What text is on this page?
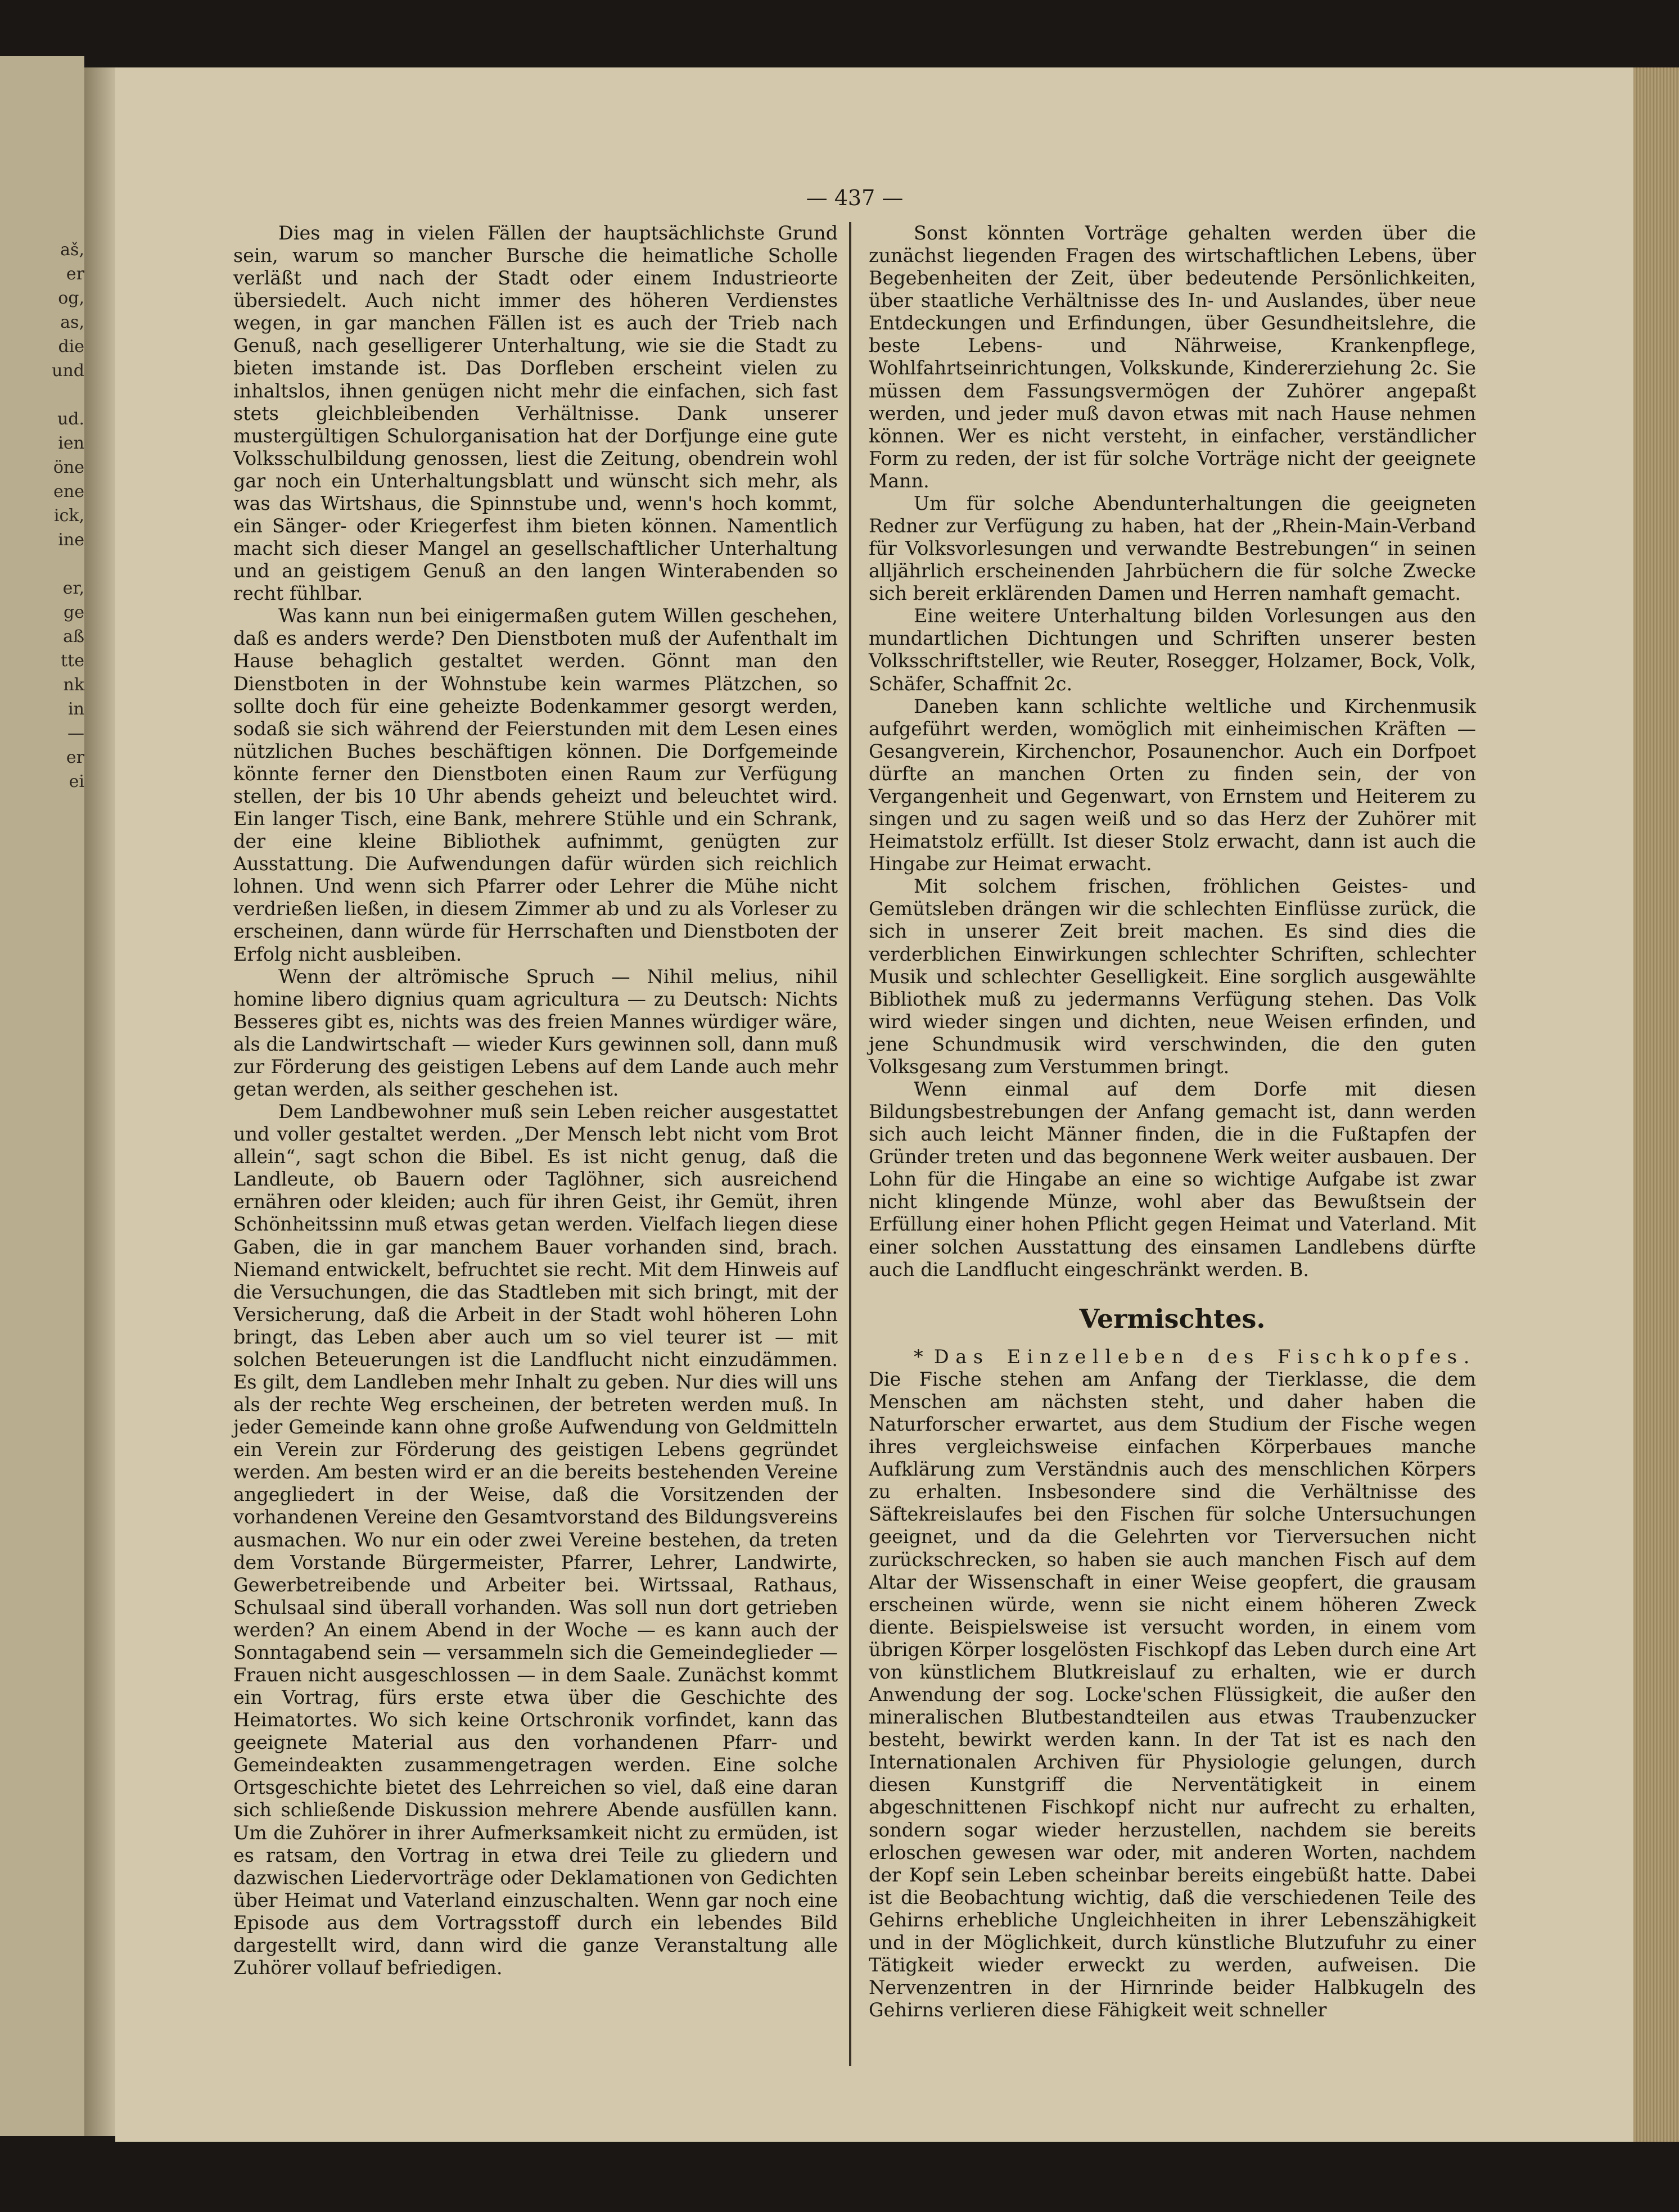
aš,
er
og,
as,
die
und
ud.
ien
öne
ene
ick,
ine
er,
ge
aß
tte
nk
in
—
er
ei
— 437 —

Dies mag in vielen Fällen der hauptsächlichste Grund sein, warum so mancher Bursche die heimatliche Scholle verläßt und nach der Stadt oder einem Industrieorte übersiedelt. Auch nicht immer des höheren Verdienstes wegen, in gar manchen Fällen ist es auch der Trieb nach Genuß, nach geselligerer Unterhaltung, wie sie die Stadt zu bieten imstande ist. Das Dorfleben erscheint vielen zu inhaltslos, ihnen genügen nicht mehr die einfachen, sich fast stets gleichbleibenden Verhältnisse. Dank unserer mustergültigen Schulorganisation hat der Dorfjunge eine gute Volksschulbildung genossen, liest die Zeitung, obendrein wohl gar noch ein Unterhaltungsblatt und wünscht sich mehr, als was das Wirtshaus, die Spinnstube und, wenn's hoch kommt, ein Sänger- oder Kriegerfest ihm bieten können. Namentlich macht sich dieser Mangel an gesellschaftlicher Unterhaltung und an geistigem Genuß an den langen Winterabenden so recht fühlbar.

Was kann nun bei einigermaßen gutem Willen geschehen, daß es anders werde? Den Dienstboten muß der Aufenthalt im Hause behaglich gestaltet werden. Gönnt man den Dienstboten in der Wohnstube kein warmes Plätzchen, so sollte doch für eine geheizte Bodenkammer gesorgt werden, sodaß sie sich während der Feierstunden mit dem Lesen eines nützlichen Buches beschäftigen können. Die Dorfgemeinde könnte ferner den Dienstboten einen Raum zur Verfügung stellen, der bis 10 Uhr abends geheizt und beleuchtet wird. Ein langer Tisch, eine Bank, mehrere Stühle und ein Schrank, der eine kleine Bibliothek aufnimmt, genügten zur Ausstattung. Die Aufwendungen dafür würden sich reichlich lohnen. Und wenn sich Pfarrer oder Lehrer die Mühe nicht verdrießen ließen, in diesem Zimmer ab und zu als Vorleser zu erscheinen, dann würde für Herrschaften und Dienstboten der Erfolg nicht ausbleiben.

Wenn der altrömische Spruch — Nihil melius, nihil homine libero dignius quam agricultura — zu Deutsch: Nichts Besseres gibt es, nichts was des freien Mannes würdiger wäre, als die Landwirtschaft — wieder Kurs gewinnen soll, dann muß zur Förderung des geistigen Lebens auf dem Lande auch mehr getan werden, als seither geschehen ist.

Dem Landbewohner muß sein Leben reicher ausgestattet und voller gestaltet werden. „Der Mensch lebt nicht vom Brot allein“, sagt schon die Bibel. Es ist nicht genug, daß die Landleute, ob Bauern oder Taglöhner, sich ausreichend ernähren oder kleiden; auch für ihren Geist, ihr Gemüt, ihren Schönheitssinn muß etwas getan werden. Vielfach liegen diese Gaben, die in gar manchem Bauer vorhanden sind, brach. Niemand entwickelt, befruchtet sie recht. Mit dem Hinweis auf die Versuchungen, die das Stadtleben mit sich bringt, mit der Versicherung, daß die Arbeit in der Stadt wohl höheren Lohn bringt, das Leben aber auch um so viel teurer ist — mit solchen Beteuerungen ist die Landflucht nicht einzudämmen. Es gilt, dem Landleben mehr Inhalt zu geben. Nur dies will uns als der rechte Weg erscheinen, der betreten werden muß. In jeder Gemeinde kann ohne große Aufwendung von Geldmitteln ein Verein zur Förderung des geistigen Lebens gegründet werden. Am besten wird er an die bereits bestehenden Vereine angegliedert in der Weise, daß die Vorsitzenden der vorhandenen Vereine den Gesamtvorstand des Bildungsvereins ausmachen. Wo nur ein oder zwei Vereine bestehen, da treten dem Vorstande Bürgermeister, Pfarrer, Lehrer, Landwirte, Gewerbetreibende und Arbeiter bei. Wirtssaal, Rathaus, Schulsaal sind überall vorhanden. Was soll nun dort getrieben werden? An einem Abend in der Woche — es kann auch der Sonntagabend sein — versammeln sich die Gemeindeglieder — Frauen nicht ausgeschlossen — in dem Saale. Zunächst kommt ein Vortrag, fürs erste etwa über die Geschichte des Heimatortes. Wo sich keine Ortschronik vorfindet, kann das geeignete Material aus den vorhandenen Pfarr- und Gemeindeakten zusammengetragen werden. Eine solche Ortsgeschichte bietet des Lehrreichen so viel, daß eine daran sich schließende Diskussion mehrere Abende ausfüllen kann. Um die Zuhörer in ihrer Aufmerksamkeit nicht zu ermüden, ist es ratsam, den Vortrag in etwa drei Teile zu gliedern und dazwischen Liedervorträge oder Deklamationen von Gedichten über Heimat und Vaterland einzuschalten. Wenn gar noch eine Episode aus dem Vortragsstoff durch ein lebendes Bild dargestellt wird, dann wird die ganze Veranstaltung alle Zuhörer vollauf befriedigen.

Sonst könnten Vorträge gehalten werden über die zunächst liegenden Fragen des wirtschaftlichen Lebens, über Begebenheiten der Zeit, über bedeutende Persönlichkeiten, über staatliche Verhältnisse des In- und Auslandes, über neue Entdeckungen und Erfindungen, über Gesundheitslehre, die beste Lebens- und Nährweise, Krankenpflege, Wohlfahrtseinrichtungen, Volkskunde, Kindererziehung 2c. Sie müssen dem Fassungsvermögen der Zuhörer angepaßt werden, und jeder muß davon etwas mit nach Hause nehmen können. Wer es nicht versteht, in einfacher, verständlicher Form zu reden, der ist für solche Vorträge nicht der geeignete Mann.

Um für solche Abendunterhaltungen die geeigneten Redner zur Verfügung zu haben, hat der „Rhein-Main-Verband für Volksvorlesungen und verwandte Bestrebungen“ in seinen alljährlich erscheinenden Jahrbüchern die für solche Zwecke sich bereit erklärenden Damen und Herren namhaft gemacht.

Eine weitere Unterhaltung bilden Vorlesungen aus den mundartlichen Dichtungen und Schriften unserer besten Volksschriftsteller, wie Reuter, Rosegger, Holzamer, Bock, Volk, Schäfer, Schaffnit 2c.

Daneben kann schlichte weltliche und Kirchenmusik aufgeführt werden, womöglich mit einheimischen Kräften — Gesangverein, Kirchenchor, Posaunenchor. Auch ein Dorfpoet dürfte an manchen Orten zu finden sein, der von Vergangenheit und Gegenwart, von Ernstem und Heiterem zu singen und zu sagen weiß und so das Herz der Zuhörer mit Heimatstolz erfüllt. Ist dieser Stolz erwacht, dann ist auch die Hingabe zur Heimat erwacht.

Mit solchem frischen, fröhlichen Geistes- und Gemütsleben drängen wir die schlechten Einflüsse zurück, die sich in unserer Zeit breit machen. Es sind dies die verderblichen Einwirkungen schlechter Schriften, schlechter Musik und schlechter Geselligkeit. Eine sorglich ausgewählte Bibliothek muß zu jedermanns Verfügung stehen. Das Volk wird wieder singen und dichten, neue Weisen erfinden, und jene Schundmusik wird verschwinden, die den guten Volksgesang zum Verstummen bringt.

Wenn einmal auf dem Dorfe mit diesen Bildungsbestrebungen der Anfang gemacht ist, dann werden sich auch leicht Männer finden, die in die Fußtapfen der Gründer treten und das begonnene Werk weiter ausbauen. Der Lohn für die Hingabe an eine so wichtige Aufgabe ist zwar nicht klingende Münze, wohl aber das Bewußtsein der Erfüllung einer hohen Pflicht gegen Heimat und Vaterland. Mit einer solchen Ausstattung des einsamen Landlebens dürfte auch die Landflucht eingeschränkt werden. B.

Vermischtes.

* Das Einzelleben des Fischkopfes. Die Fische stehen am Anfang der Tierklasse, die dem Menschen am nächsten steht, und daher haben die Naturforscher erwartet, aus dem Studium der Fische wegen ihres vergleichsweise einfachen Körperbaues manche Aufklärung zum Verständnis auch des menschlichen Körpers zu erhalten. Insbesondere sind die Verhältnisse des Säftekreislaufes bei den Fischen für solche Untersuchungen geeignet, und da die Gelehrten vor Tierversuchen nicht zurückschrecken, so haben sie auch manchen Fisch auf dem Altar der Wissenschaft in einer Weise geopfert, die grausam erscheinen würde, wenn sie nicht einem höheren Zweck diente. Beispielsweise ist versucht worden, in einem vom übrigen Körper losgelösten Fischkopf das Leben durch eine Art von künstlichem Blutkreislauf zu erhalten, wie er durch Anwendung der sog. Locke'schen Flüssigkeit, die außer den mineralischen Blutbestandteilen aus etwas Traubenzucker besteht, bewirkt werden kann. In der Tat ist es nach den Internationalen Archiven für Physiologie gelungen, durch diesen Kunstgriff die Nerventätigkeit in einem abgeschnittenen Fischkopf nicht nur aufrecht zu erhalten, sondern sogar wieder herzustellen, nachdem sie bereits erloschen gewesen war oder, mit anderen Worten, nachdem der Kopf sein Leben scheinbar bereits eingebüßt hatte. Dabei ist die Beobachtung wichtig, daß die verschiedenen Teile des Gehirns erhebliche Ungleichheiten in ihrer Lebenszähigkeit und in der Möglichkeit, durch künstliche Blutzufuhr zu einer Tätigkeit wieder erweckt zu werden, aufweisen. Die Nervenzentren in der Hirnrinde beider Halbkugeln des Gehirns verlieren diese Fähigkeit weit schneller
